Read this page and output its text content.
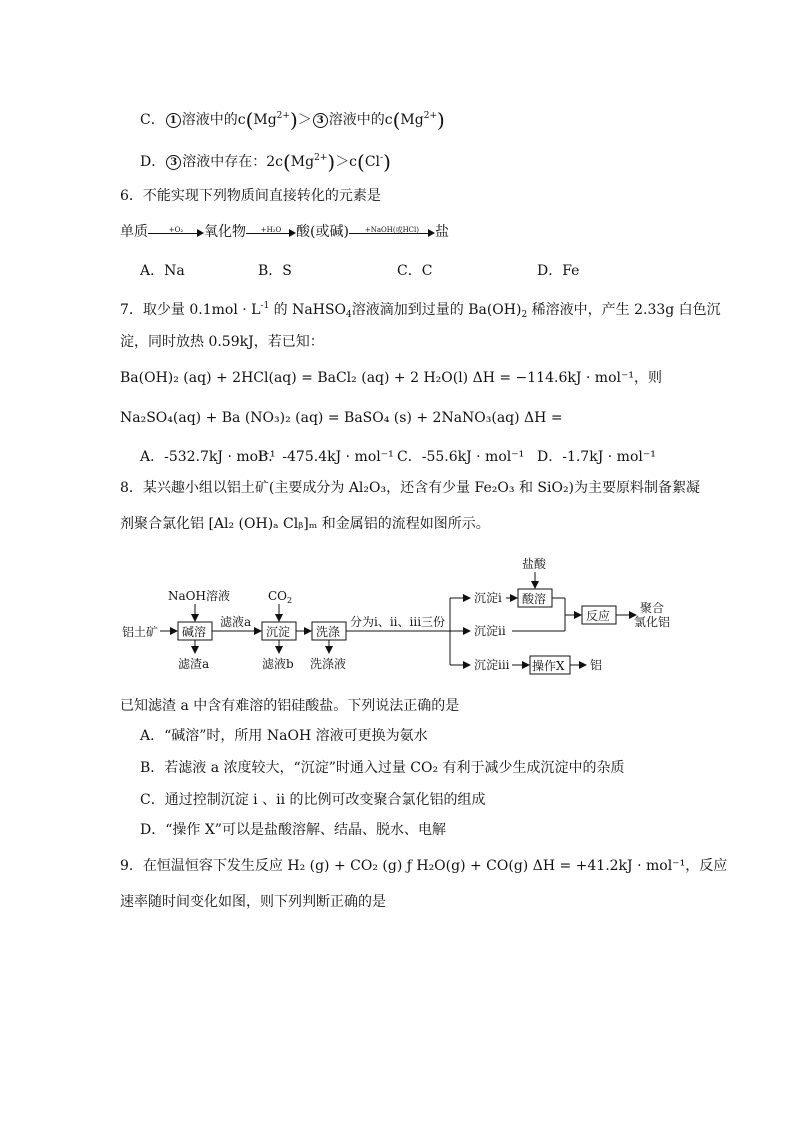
C． 1 溶液中的$c(Mg^{2+})> 3$ 溶液中的$c(Mg^{2+})$
D． 3 溶液中存在：$2c(Mg^{2+})>c(Cl^-)$
6．不能实现下列物质间直接转化的元素是
单质	+O₂	氧化物	+H₂O	酸(或碱)	+NaOH(或HCl)	盐
A．Na	B．S	C．C	D．Fe
7．取少量 $0.1mol \cdot L^{-1}$ 的 NaHSO$_4$溶液滴加到过量的 $Ba(OH)_2$ 稀溶液中，产生 2.33g 白色沉
淀，同时放热 0.59kJ，若已知：
Ba(OH)₂ (aq) + 2HCl(aq) = BaCl₂ (aq) + 2 H₂O(l) ΔH = −114.6kJ · mol⁻¹，则
Na₂SO₄(aq) + Ba (NO₃)₂ (aq) = BaSO₄ (s) + 2NaNO₃(aq) ΔH =
A．-532.7kJ · mol⁻¹
B．-475.4kJ · mol⁻¹ C．-55.6kJ · mol⁻¹ D．-1.7kJ · mol⁻¹
8．某兴趣小组以铝土矿(主要成分为 Al₂O₃，还含有少量 Fe₂O₃ 和 SiO₂)为主要原料制备絮凝
剂聚合氯化铝 [Al₂ (OH)ₐ Clᵦ]ₘ 和金属铝的流程如图所示。
NaOH溶液	$CO_2$
盐酸
铝土矿 碱溶	沉淀 洗涤
酸溶
反应
操作X
滤液a	分为i、ii、iii三份
滤渣a	滤液b 洗涤液
沉淀i
沉淀ii
沉淀iii
聚合
氯化铝
铝
已知滤渣 a 中含有难溶的铝硅酸盐。下列说法正确的是
A．“碱溶”时，所用 NaOH 溶液可更换为氨水
B．若滤液 a 浓度较大，“沉淀”时通入过量 CO₂ 有利于减少生成沉淀中的杂质
C．通过控制沉淀 ⅰ 、ⅱ 的比例可改变聚合氯化铝的组成
D．“操作 X”可以是盐酸溶解、结晶、脱水、电解
9．在恒温恒容下发生反应 H₂ (g) + CO₂ (g) ƒ H₂O(g) + CO(g) ΔH = +41.2kJ · mol⁻¹，反应
速率随时间变化如图，则下列判断正确的是
